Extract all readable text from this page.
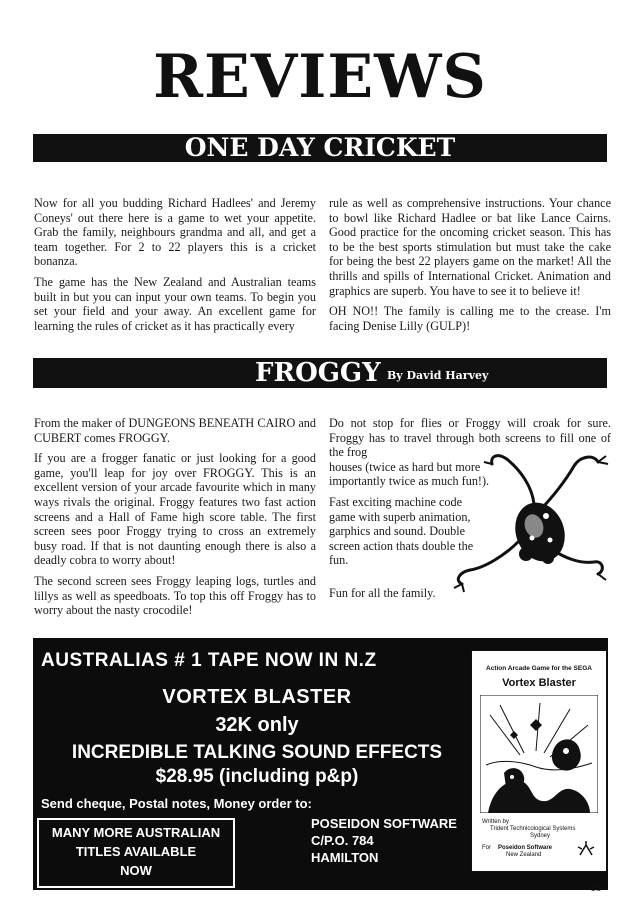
REVIEWS
ONE DAY CRICKET

Now for all you budding Richard Hadlees' and Jeremy Coneys' out there here is a game to wet your appetite. Grab the family, neighbours grandma and all, and get a team together. For 2 to 22 players this is a cricket bonanza.

The game has the New Zealand and Australian teams built in but you can input your own teams. To begin you set your field and your away. An excellent game for learning the rules of cricket as it has practically every

rule as well as comprehensive instructions. Your chance to bowl like Richard Hadlee or bat like Lance Cairns. Good practice for the oncoming cricket season. This has to be the best sports stimulation but must take the cake for being the best 22 players game on the market! All the thrills and spills of International Cricket. Animation and graphics are superb. You have to see it to believe it!

OH NO!! The family is calling me to the crease. I'm facing Denise Lilly (GULP)!

FROGGY By David Harvey

From the maker of DUNGEONS BENEATH CAIRO and CUBERT comes FROGGY.

If you are a frogger fanatic or just looking for a good game, you'll leap for joy over FROGGY. This is an excellent version of your arcade favourite which in many ways rivals the original. Froggy features two fast action screens and a Hall of Fame high score table. The first screen sees poor Froggy trying to cross an extremely busy road. If that is not daunting enough there is also a deadly cobra to worry about!

The second screen sees Froggy leaping logs, turtles and lillys as well as speedboats. To top this off Froggy has to worry about the nasty crocodile!

Do not stop for flies or Froggy will croak for sure. Froggy has to travel through both screens to fill one of the frog

houses (twice as hard but more importantly twice as much fun!).

Fast exciting machine code game with superb animation, garphics and sound. Double screen action thats double the fun.

Fun for all the family.

AUSTRALIAS # 1 TAPE NOW IN N.Z
VORTEX BLASTER
32K only
INCREDIBLE TALKING SOUND EFFECTS
$28.95 (including p&p)
Send cheque, Postal notes, Money order to:
MANY MORE AUSTRALIAN
TITLES AVAILABLE
NOW
POSEIDON SOFTWARE
C/P.O. 784
HAMILTON
Action Arcade Game for the SEGA
Vortex Blaster
Written by
Trident Technicological Systems
Sydney
For Poseidon Software
New Zealand
19
